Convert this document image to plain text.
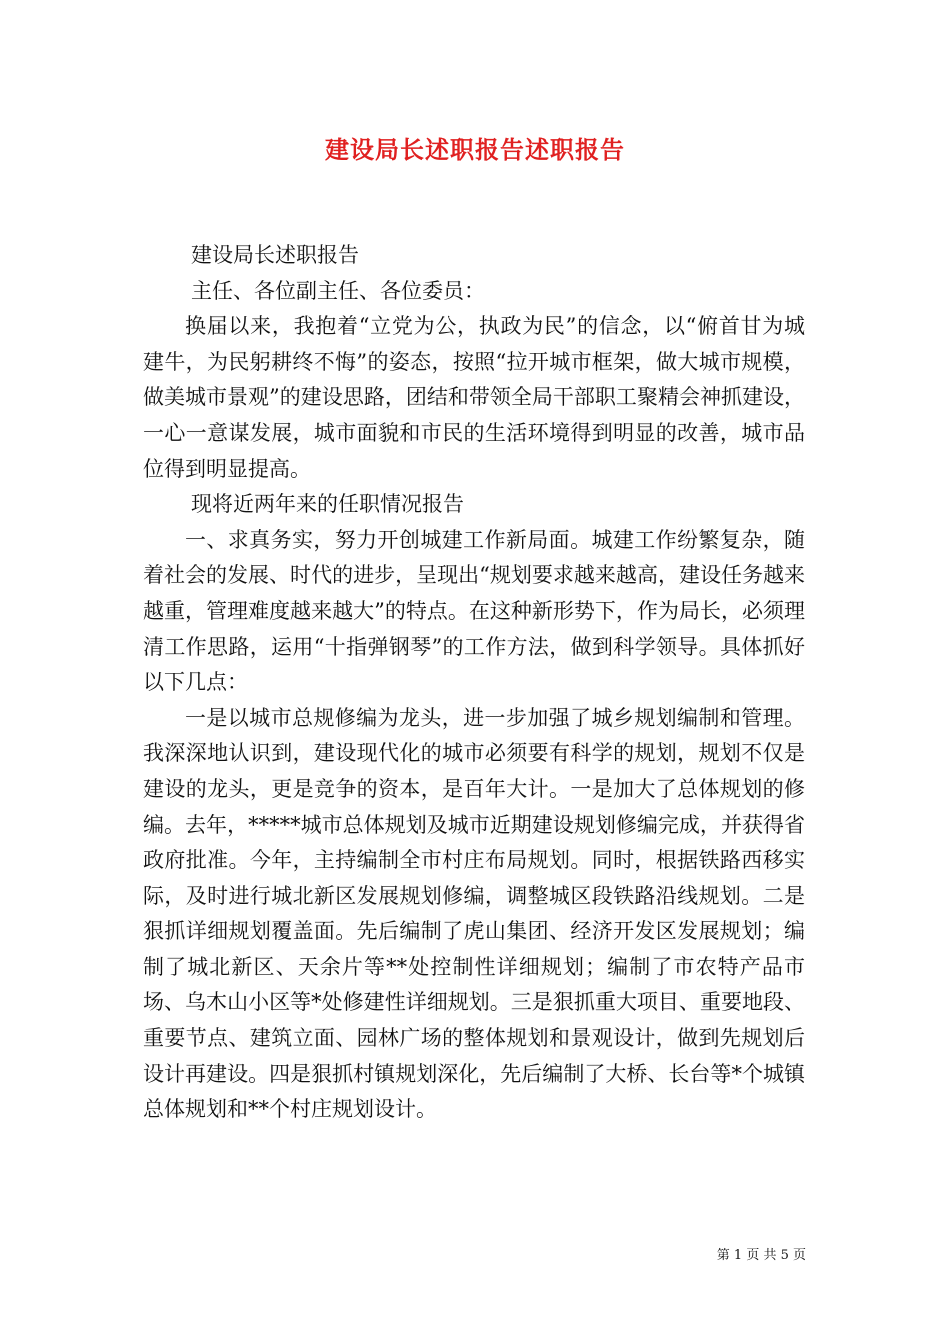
建设局长述职报告述职报告

建设局长述职报告

主任、各位副主任、各位委员：

换届以来，我抱着“立党为公，执政为民”的信念，以“俯首甘为城建牛，为民躬耕终不悔”的姿态，按照“拉开城市框架，做大城市规模，做美城市景观”的建设思路，团结和带领全局干部职工聚精会神抓建设，一心一意谋发展，城市面貌和市民的生活环境得到明显的改善，城市品位得到明显提高。

现将近两年来的任职情况报告

一、求真务实，努力开创城建工作新局面。城建工作纷繁复杂，随着社会的发展、时代的进步，呈现出“规划要求越来越高，建设任务越来越重，管理难度越来越大”的特点。在这种新形势下，作为局长，必须理清工作思路，运用“十指弹钢琴”的工作方法，做到科学领导。具体抓好以下几点：

一是以城市总规修编为龙头，进一步加强了城乡规划编制和管理。我深深地认识到，建设现代化的城市必须要有科学的规划，规划不仅是建设的龙头，更是竞争的资本，是百年大计。一是加大了总体规划的修编。去年，*****城市总体规划及城市近期建设规划修编完成，并获得省政府批准。今年，主持编制全市村庄布局规划。同时，根据铁路西移实际，及时进行城北新区发展规划修编，调整城区段铁路沿线规划。二是狠抓详细规划覆盖面。先后编制了虎山集团、经济开发区发展规划；编制了城北新区、天余片等**处控制性详细规划；编制了市农特产品市场、乌木山小区等*处修建性详细规划。三是狠抓重大项目、重要地段、重要节点、建筑立面、园林广场的整体规划和景观设计，做到先规划后设计再建设。四是狠抓村镇规划深化，先后编制了大桥、长台等*个城镇总体规划和**个村庄规划设计。

第 1 页 共 5 页
